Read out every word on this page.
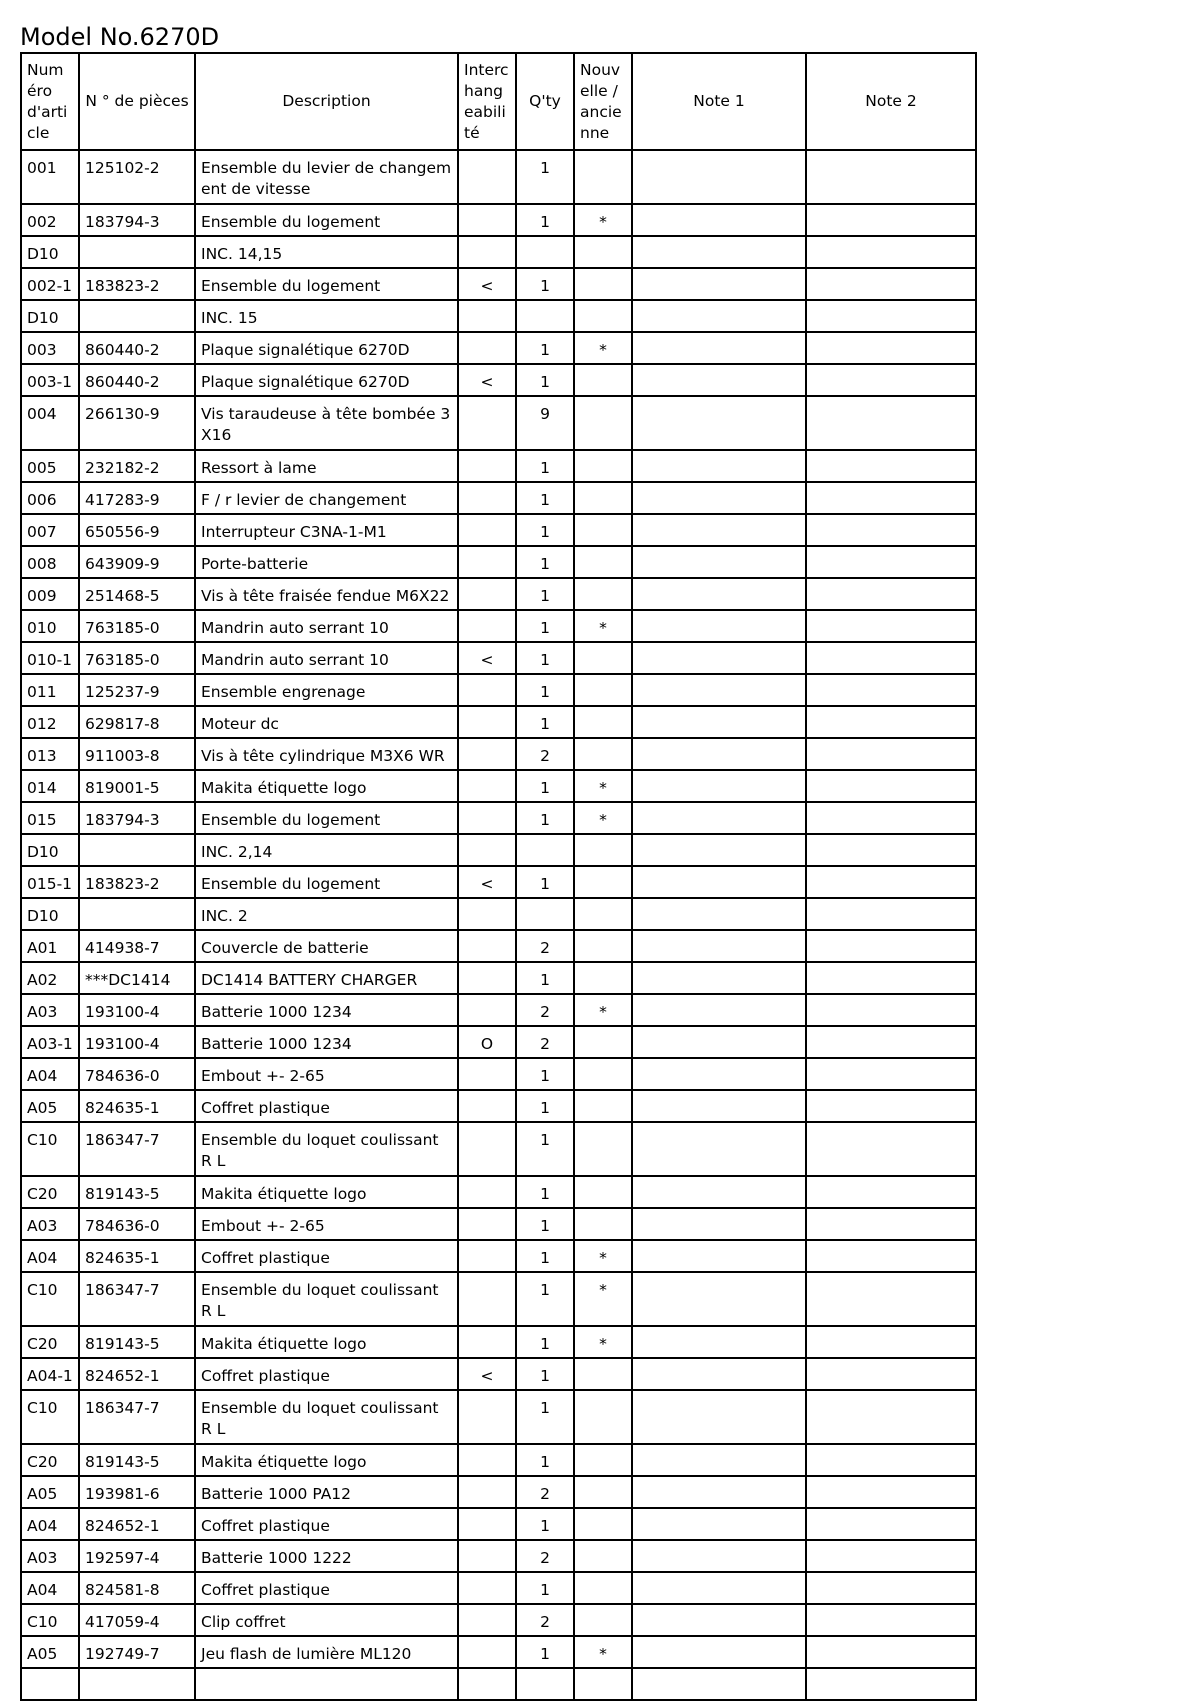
Model No.6270D
Numéro d'article	N ° de pièces	Description	Interchangeabilité	Q'ty	Nouvelle / ancienne	Note 1	Note 2
001	125102-2	Ensemble du levier de changement de vitesse		1			
002	183794-3	Ensemble du logement		1	*		
D10		INC. 14,15					
002-1	183823-2	Ensemble du logement	<	1			
D10		INC. 15					
003	860440-2	Plaque signalétique 6270D		1	*		
003-1	860440-2	Plaque signalétique 6270D	<	1			
004	266130-9	Vis taraudeuse à tête bombée 3X16		9			
005	232182-2	Ressort à lame		1			
006	417283-9	F / r levier de changement		1			
007	650556-9	Interrupteur C3NA-1-M1		1			
008	643909-9	Porte-batterie		1			
009	251468-5	Vis à tête fraisée fendue M6X22		1			
010	763185-0	Mandrin auto serrant 10		1	*		
010-1	763185-0	Mandrin auto serrant 10	<	1			
011	125237-9	Ensemble engrenage		1			
012	629817-8	Moteur dc		1			
013	911003-8	Vis à tête cylindrique M3X6 WR		2			
014	819001-5	Makita étiquette logo		1	*		
015	183794-3	Ensemble du logement		1	*		
D10		INC. 2,14					
015-1	183823-2	Ensemble du logement	<	1			
D10		INC. 2					
A01	414938-7	Couvercle de batterie		2			
A02	***DC1414	DC1414 BATTERY CHARGER		1			
A03	193100-4	Batterie 1000 1234		2	*		
A03-1	193100-4	Batterie 1000 1234	O	2			
A04	784636-0	Embout +- 2-65		1			
A05	824635-1	Coffret plastique		1			
C10	186347-7	Ensemble du loquet coulissant R L		1			
C20	819143-5	Makita étiquette logo		1			
A03	784636-0	Embout +- 2-65		1			
A04	824635-1	Coffret plastique		1	*		
C10	186347-7	Ensemble du loquet coulissant R L		1	*		
C20	819143-5	Makita étiquette logo		1	*		
A04-1	824652-1	Coffret plastique	<	1			
C10	186347-7	Ensemble du loquet coulissant R L		1			
C20	819143-5	Makita étiquette logo		1			
A05	193981-6	Batterie 1000 PA12		2			
A04	824652-1	Coffret plastique		1			
A03	192597-4	Batterie 1000 1222		2			
A04	824581-8	Coffret plastique		1			
C10	417059-4	Clip coffret		2			
A05	192749-7	Jeu flash de lumière ML120		1	*		
